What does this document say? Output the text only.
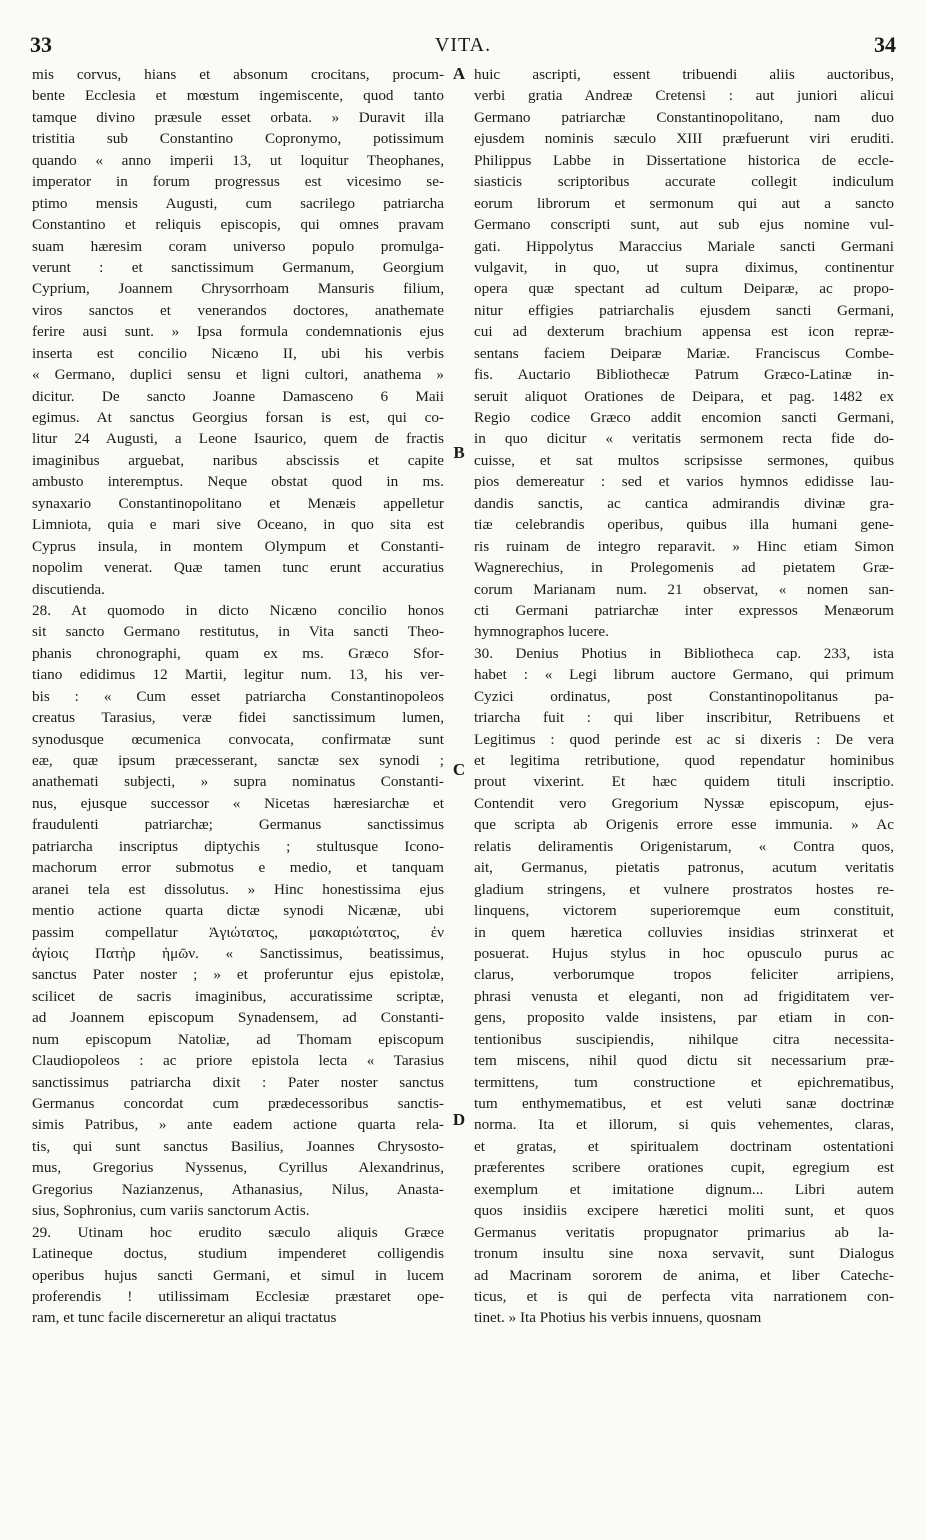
33	VITA.	34
mis corvus, hians et absonum crocitans, procum-
bente Ecclesia et mœstum ingemiscente, quod tanto
tamque divino præsule esset orbata. » Duravit illa
tristitia sub Constantino Copronymo, potissimum
quando « anno imperii 13, ut loquitur Theophanes,
imperator in forum progressus est vicesimo se-
ptimo mensis Augusti, cum sacrilego patriarcha
Constantino et reliquis episcopis, qui omnes pravam
suam hæresim coram universo populo promulga-
verunt : et sanctissimum Germanum, Georgium
Cyprium, Joannem Chrysorrhoam Mansuris filium,
viros sanctos et venerandos doctores, anathemate
ferire ausi sunt. » Ipsa formula condemnationis ejus
inserta est concilio Nicæno II, ubi his verbis
« Germano, duplici sensu et ligni cultori, anathema »
dicitur. De sancto Joanne Damasceno 6 Maii
egimus. At sanctus Georgius forsan is est, qui co-
litur 24 Augusti, a Leone Isaurico, quem de fractis
imaginibus arguebat, naribus abscissis et capite
ambusto interemptus. Neque obstat quod in ms.
synaxario Constantinopolitano et Menæis appelletur
Limniota, quia e mari sive Oceano, in quo sita est
Cyprus insula, in montem Olympum et Constanti-
nopolim venerat. Quæ tamen tunc erunt accuratius
discutienda.
28. At quomodo in dicto Nicæno concilio honos
sit sancto Germano restitutus, in Vita sancti Theo-
phanis chronographi, quam ex ms. Græco Sfor-
tiano edidimus 12 Martii, legitur num. 13, his ver-
bis : « Cum esset patriarcha Constantinopoleos
creatus Tarasius, veræ fidei sanctissimum lumen,
synodusque œcumenica convocata, confirmatæ sunt
eæ, quæ ipsum præcesserant, sanctæ sex synodi ;
anathemati subjecti, » supra nominatus Constanti-
nus, ejusque successor « Nicetas hæresiarchæ et
fraudulenti patriarchæ; Germanus sanctissimus
patriarcha inscriptus diptychis ; stultusque Icono-
machorum error submotus e medio, et tanquam
aranei tela est dissolutus. » Hinc honestissima ejus
mentio actione quarta dictæ synodi Nicænæ, ubi
passim compellatur Ἁγιώτατος, μακαριώτατος, ἐν
ἁγίοις Πατὴρ ἡμῶν. « Sanctissimus, beatissimus,
sanctus Pater noster ; » et proferuntur ejus epistolæ,
scilicet de sacris imaginibus, accuratissime scriptæ,
ad Joannem episcopum Synadensem, ad Constanti-
num episcopum Natoliæ, ad Thomam episcopum
Claudiopoleos : ac priore epistola lecta « Tarasius
sanctissimus patriarcha dixit : Pater noster sanctus
Germanus concordat cum prædecessoribus sanctis-
simis Patribus, » ante eadem actione quarta rela-
tis, qui sunt sanctus Basilius, Joannes Chrysosto-
mus, Gregorius Nyssenus, Cyrillus Alexandrinus,
Gregorius Nazianzenus, Athanasius, Nilus, Anasta-
sius, Sophronius, cum variis sanctorum Actis.
29. Utinam hoc erudito sæculo aliquis Græce
Latineque doctus, studium impenderet colligendis
operibus hujus sancti Germani, et simul in lucem
proferendis ! utilissimam Ecclesiæ præstaret ope-
ram, et tunc facile discerneretur an aliqui tractatus
huic ascripti, essent tribuendi aliis auctoribus,
verbi gratia Andreæ Cretensi : aut juniori alicui
Germano patriarchæ Constantinopolitano, nam duo
ejusdem nominis sæculo XIII præfuerunt viri eruditi.
Philippus Labbe in Dissertatione historica de eccle-
siasticis scriptoribus accurate collegit indiculum
eorum librorum et sermonum qui aut a sancto
Germano conscripti sunt, aut sub ejus nomine vul-
gati. Hippolytus Maraccius Mariale sancti Germani
vulgavit, in quo, ut supra diximus, continentur
opera quæ spectant ad cultum Deiparæ, ac propo-
nitur effigies patriarchalis ejusdem sancti Germani,
cui ad dexterum brachium appensa est icon repræ-
sentans faciem Deiparæ Mariæ. Franciscus Combe-
fis. Auctario Bibliothecæ Patrum Græco-Latinæ in-
seruit aliquot Orationes de Deipara, et pag. 1482 ex
Regio codice Græco addit encomion sancti Germani,
in quo dicitur « veritatis sermonem recta fide do-
cuisse, et sat multos scripsisse sermones, quibus
pios demereatur : sed et varios hymnos edidisse lau-
dandis sanctis, ac cantica admirandis divinæ gra-
tiæ celebrandis operibus, quibus illa humani gene-
ris ruinam de integro reparavit. » Hinc etiam Simon
Wagnerechius, in Prolegomenis ad pietatem Græ-
corum Marianam num. 21 observat, « nomen san-
cti Germani patriarchæ inter expressos Menæorum
hymnographos lucere.
30. Denius Photius in Bibliotheca cap. 233, ista
habet : « Legi librum auctore Germano, qui primum
Cyzici ordinatus, post Constantinopolitanus pa-
triarcha fuit : qui liber inscribitur, Retribuens et
Legitimus : quod perinde est ac si dixeris : De vera
et legitima retributione, quod rependatur hominibus
prout vixerint. Et hæc quidem tituli inscriptio.
Contendit vero Gregorium Nyssæ episcopum, ejus-
que scripta ab Origenis errore esse immunia. » Ac
relatis deliramentis Origenistarum, « Contra quos,
ait, Germanus, pietatis patronus, acutum veritatis
gladium stringens, et vulnere prostratos hostes re-
linquens, victorem superioremque eum constituit,
in quem hæretica colluvies insidias strinxerat et
posuerat. Hujus stylus in hoc opusculo purus ac
clarus, verborumque tropos feliciter arripiens,
phrasi venusta et eleganti, non ad frigiditatem ver-
gens, proposito valde insistens, par etiam in con-
tentionibus suscipiendis, nihilque citra necessita-
tem miscens, nihil quod dictu sit necessarium præ-
termittens, tum constructione et epichrematibus,
tum enthymematibus, et est veluti sanæ doctrinæ
norma. Ita et illorum, si quis vehementes, claras,
et gratas, et spiritualem doctrinam ostentationi
præferentes scribere orationes cupit, egregium est
exemplum et imitatione dignum... Libri autem
quos insidiis excipere hæretici moliti sunt, et quos
Germanus veritatis propugnator primarius ab la-
tronum insultu sine noxa servavit, sunt Dialogus
ad Macrinam sororem de anima, et liber Catechε-
ticus, et is qui de perfecta vita narrationem con-
tinet. » Ita Photius his verbis innuens, quosnam
A
B
C
D
